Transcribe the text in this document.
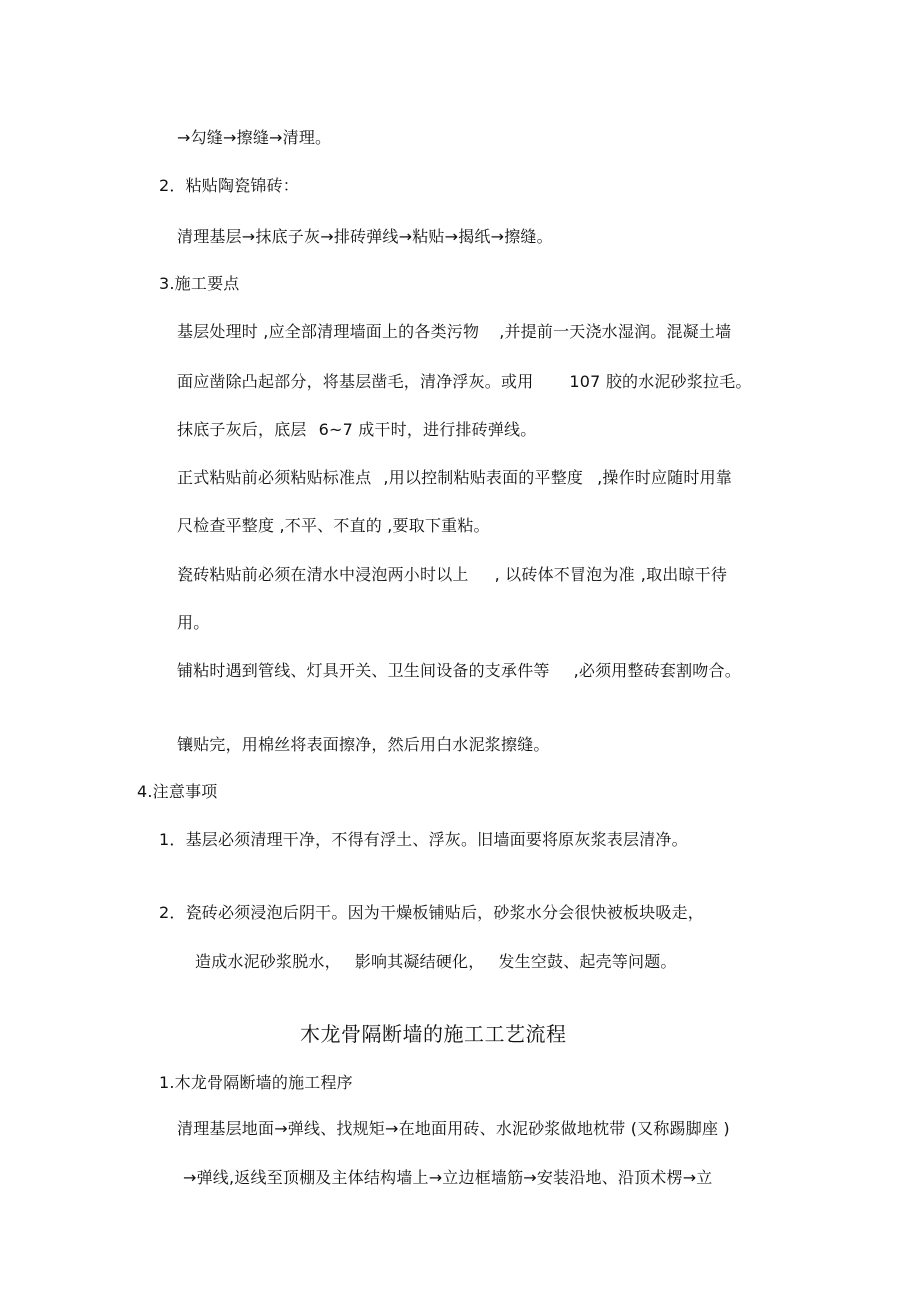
→勾缝→擦缝→清理。
2．粘贴陶瓷锦砖：
清理基层→抹底子灰→排砖弹线→粘贴→揭纸→擦缝。
3.施工要点
基层处理时 ,应全部清理墙面上的各类污物 ,并提前一天浇水湿润。混凝土墙
面应凿除凸起部分，将基层凿毛，清净浮灰。或用 107 胶的水泥砂浆拉毛。
抹底子灰后，底层 6~7 成干时，进行排砖弹线。
正式粘贴前必须粘贴标准点 ,用以控制粘贴表面的平整度 ,操作时应随时用靠
尺检查平整度 ,不平、不直的 ,要取下重粘。
瓷砖粘贴前必须在清水中浸泡两小时以上 , 以砖体不冒泡为准 ,取出晾干待
用。
铺粘时遇到管线、灯具开关、卫生间设备的支承件等 ,必须用整砖套割吻合。
镶贴完，用棉丝将表面擦净，然后用白水泥浆擦缝。
4.注意事项
1．基层必须清理干净，不得有浮土、浮灰。旧墙面要将原灰浆表层清净。
2．瓷砖必须浸泡后阴干。因为干燥板铺贴后，砂浆水分会很快被板块吸走，
造成水泥砂浆脱水， 影响其凝结硬化， 发生空鼓、起壳等问题。
木龙骨隔断墙的施工工艺流程
1.木龙骨隔断墙的施工程序
清理基层地面→弹线、找规矩→在地面用砖、水泥砂浆做地枕带 (又称踢脚座 )
→弹线,返线至顶棚及主体结构墙上→立边框墙筋→安装沿地、沿顶术楞→立
